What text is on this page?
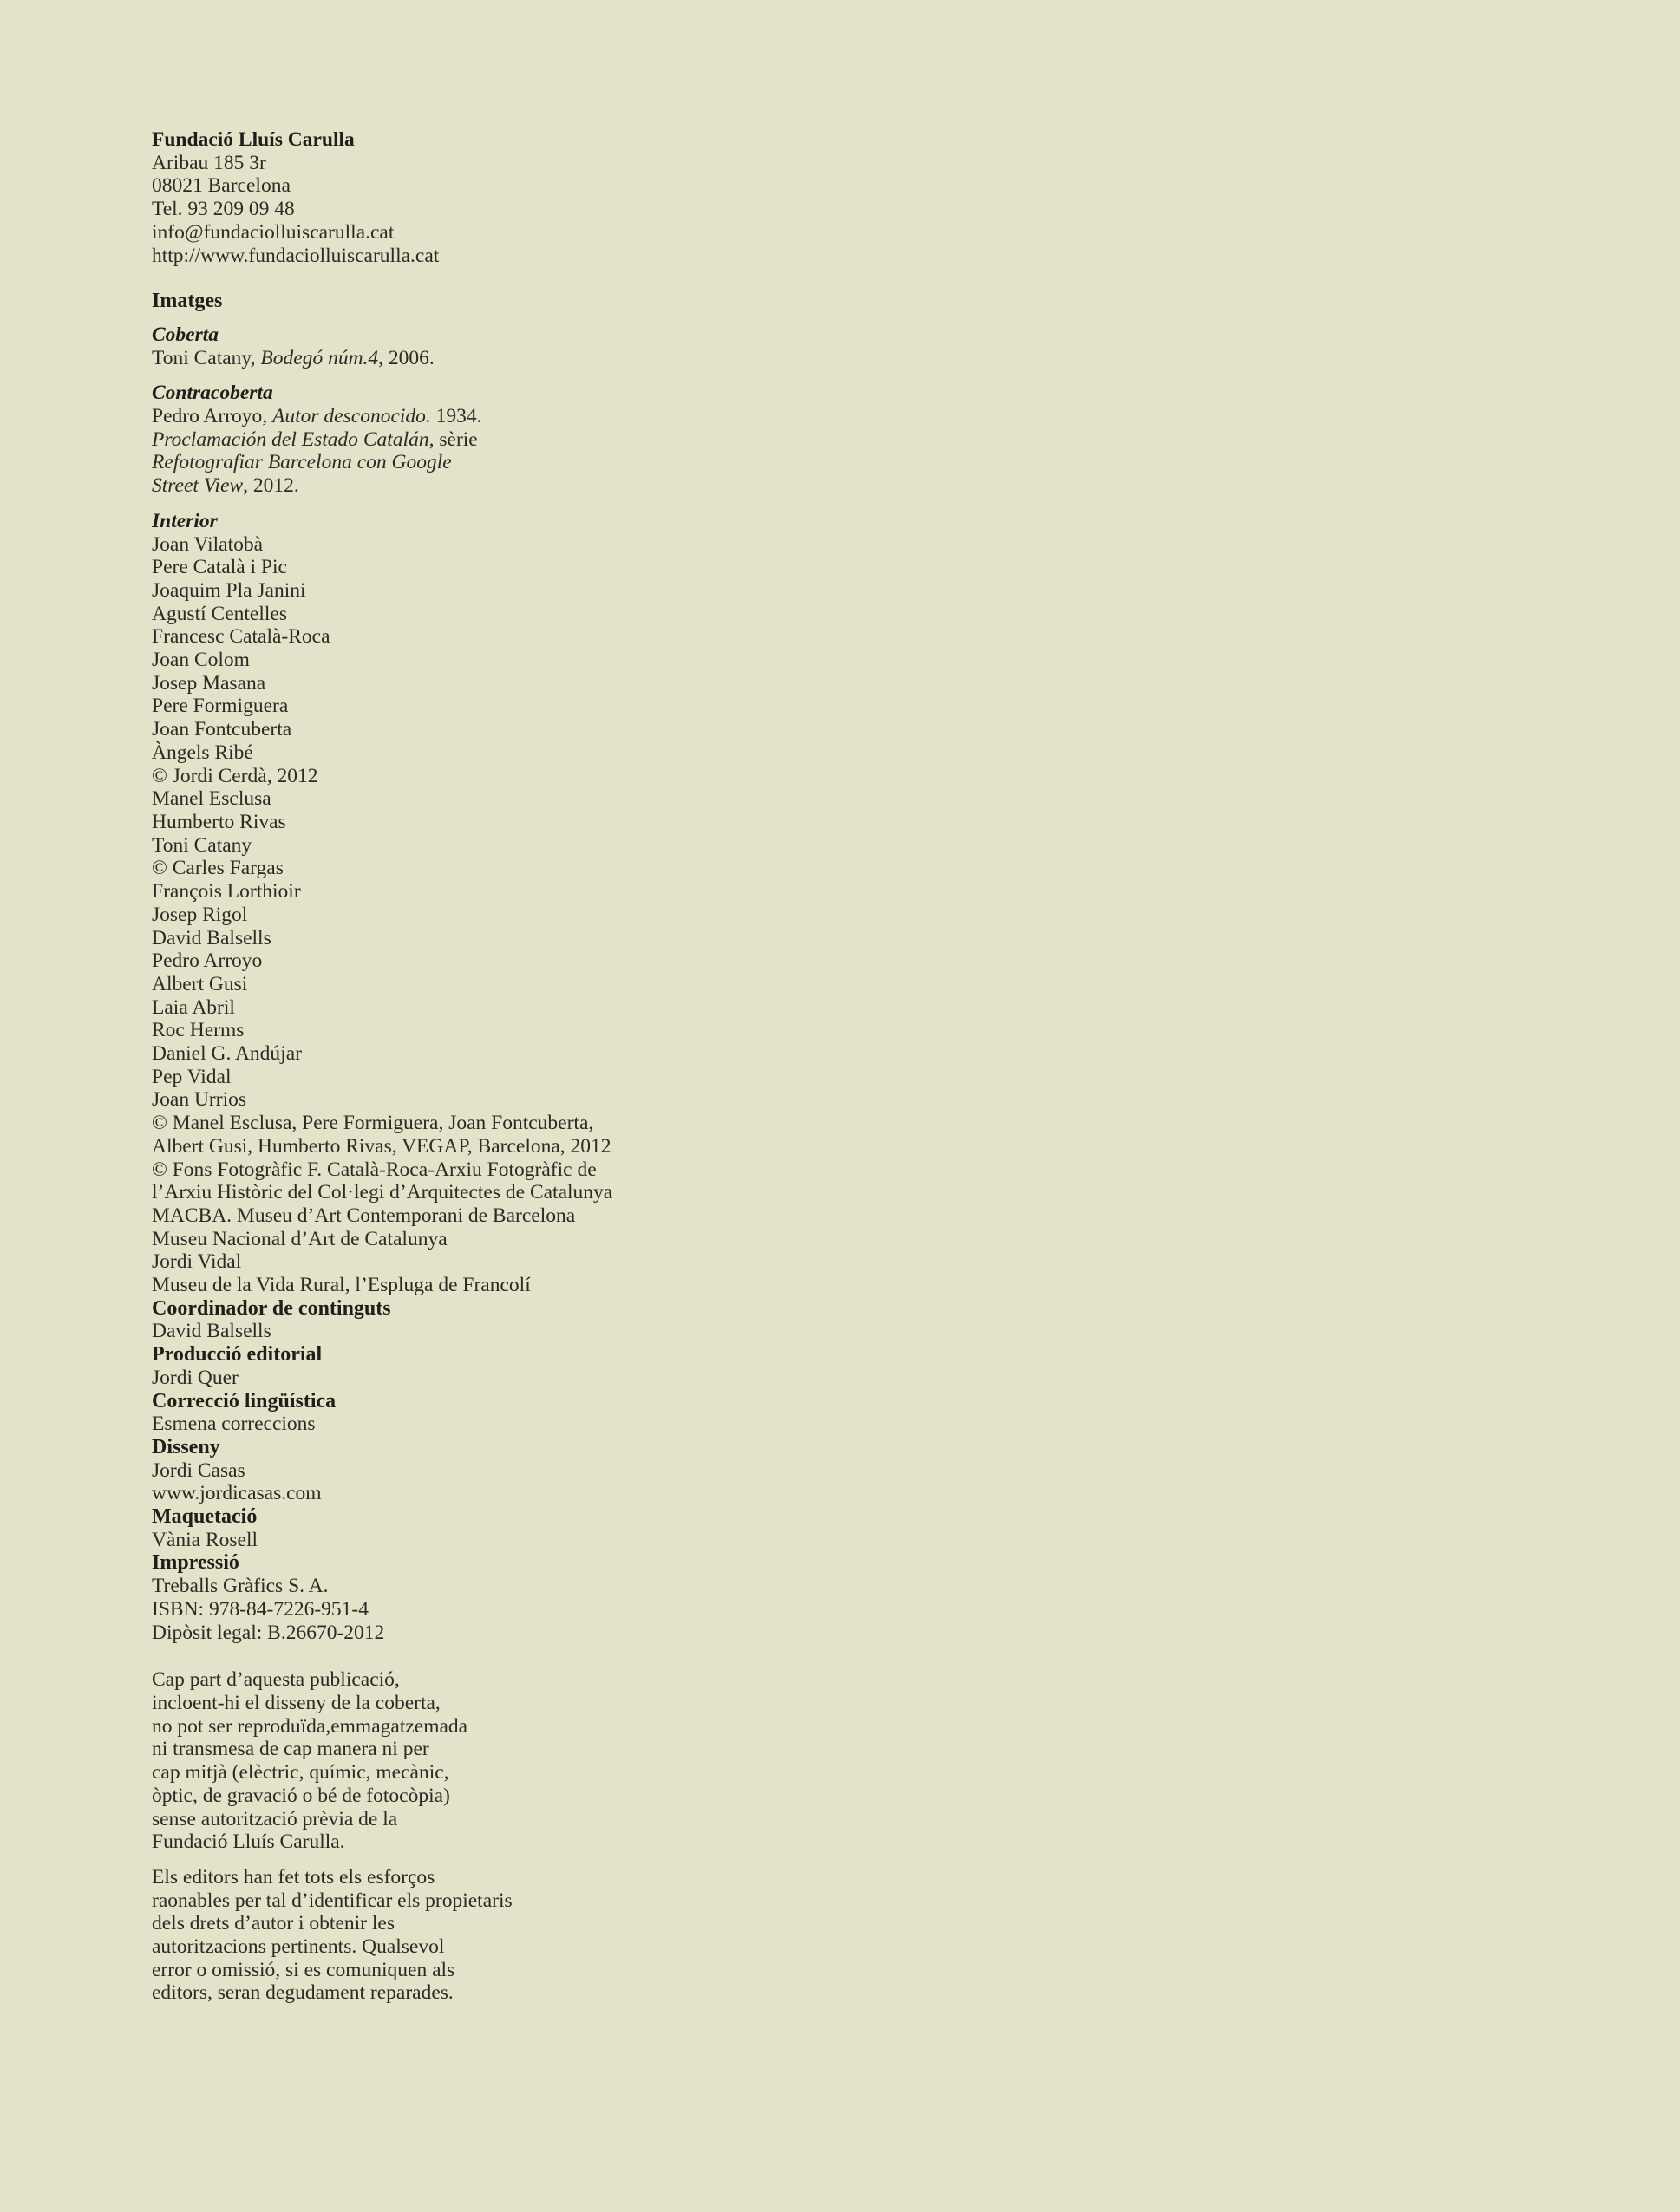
Fundació Lluís Carulla
Aribau 185 3r
08021 Barcelona
Tel. 93 209 09 48
info@fundaciolluiscarulla.cat
http://www.fundaciolluiscarulla.cat
Imatges
Coberta
Toni Catany, Bodegó núm.4, 2006.
Contracoberta
Pedro Arroyo, Autor desconocido. 1934.
Proclamación del Estado Catalán, sèrie
Refotografiar Barcelona con Google
Street View, 2012.
Interior
Joan Vilatobà
Pere Català i Pic
Joaquim Pla Janini
Agustí Centelles
Francesc Català-Roca
Joan Colom
Josep Masana
Pere Formiguera
Joan Fontcuberta
Àngels Ribé
© Jordi Cerdà, 2012
Manel Esclusa
Humberto Rivas
Toni Catany
© Carles Fargas
François Lorthioir
Josep Rigol
David Balsells
Pedro Arroyo
Albert Gusi
Laia Abril
Roc Herms
Daniel G. Andújar
Pep Vidal
Joan Urrios
© Manel Esclusa, Pere Formiguera, Joan Fontcuberta,
Albert Gusi, Humberto Rivas, VEGAP, Barcelona, 2012
© Fons Fotogràfic F. Català-Roca-Arxiu Fotogràfic de
l’Arxiu Històric del Col·legi d’Arquitectes de Catalunya
MACBA. Museu d’Art Contemporani de Barcelona
Museu Nacional d’Art de Catalunya
Jordi Vidal
Museu de la Vida Rural, l’Espluga de Francolí
Coordinador de continguts
David Balsells
Producció editorial
Jordi Quer
Correcció lingüística
Esmena correccions
Disseny
Jordi Casas
www.jordicasas.com
Maquetació
Vània Rosell
Impressió
Treballs Gràfics S. A.
ISBN: 978-84-7226-951-4
Dipòsit legal: B.26670-2012
Cap part d’aquesta publicació,
incloent-hi el disseny de la coberta,
no pot ser reproduïda,emmagatzemada
ni transmesa de cap manera ni per
cap mitjà (elèctric, químic, mecànic,
òptic, de gravació o bé de fotocòpia)
sense autorització prèvia de la
Fundació Lluís Carulla.
Els editors han fet tots els esforços
raonables per tal d’identificar els propietaris
dels drets d’autor i obtenir les
autoritzacions pertinents. Qualsevol
error o omissió, si es comuniquen als
editors, seran degudament reparades.
